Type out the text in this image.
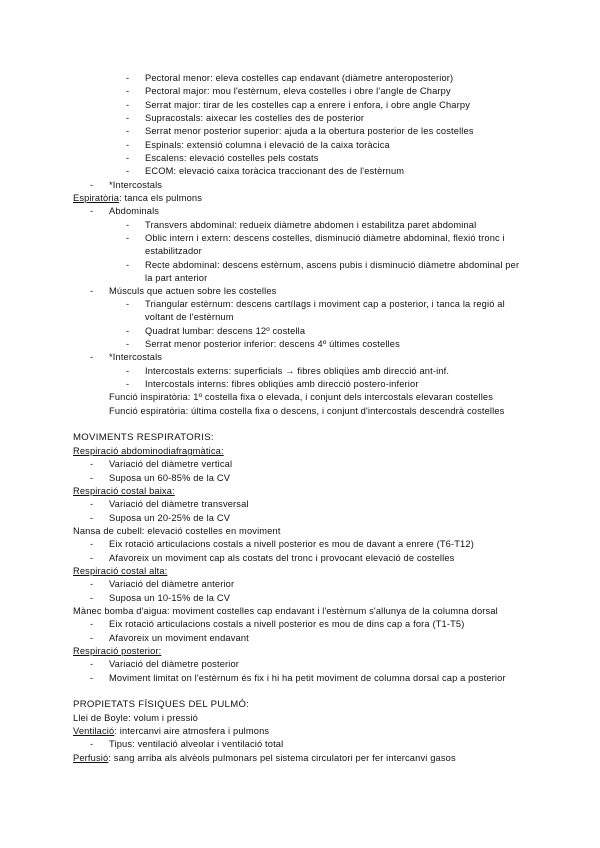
-	Pectoral menor: eleva costelles cap endavant (diàmetre anteroposterior)
-	Pectoral major: mou l'estèrnum, eleva costelles i obre l'angle de Charpy
-	Serrat major: tirar de les costelles cap a enrere i enfora, i obre angle Charpy
-	Supracostals: aixecar les costelles des de posterior
-	Serrat menor posterior superior: ajuda a la obertura posterior de les costelles
-	Espinals: extensió columna i elevació de la caixa toràcica
-	Escalens: elevació costelles pels costats
-	ECOM: elevació caixa toràcica traccionant des de l'estèrnum
-	*Intercostals
Espiratòria: tanca els pulmons
-	Abdominals
-	Transvers abdominal: redueix diàmetre abdomen i estabilitza paret abdominal
-	Oblic intern i extern: descens costelles, disminució diàmetre abdominal, flexió tronc i estabilitzador
-	Recte abdominal: descens estèrnum, ascens pubis i disminució diàmetre abdominal per la part anterior
-	Músculs que actuen sobre les costelles
-	Triangular estèrnum: descens cartílags i moviment cap a posterior, i tanca la regió al voltant de l'estèrnum
-	Quadrat lumbar: descens 12º costella
-	Serrat menor posterior inferior: descens 4º últimes costelles
-	*Intercostals
-	Intercostals externs: superficials → fibres obliqües amb direcció ant-inf.
-	Intercostals interns: fibres obliqües amb direcció postero-inferior
Funció inspiratòria: 1º costella fixa o elevada, i conjunt dels intercostals elevaran costelles
Funció espiratòria: última costella fixa o descens, i conjunt d'intercostals descendrà costelles
MOVIMENTS RESPIRATORIS:
Respiració abdominodiafragmàtica:
-	Variació del diàmetre vertical
-	Suposa un 60-85% de la CV
Respiració costal baixa:
-	Variació del diàmetre transversal
-	Suposa un 20-25% de la CV
Nansa de cubell: elevació costelles en moviment
-	Eix rotació articulacions costals a nivell posterior es mou de davant a enrere (T6-T12)
-	Afavoreix un moviment cap als costats del tronc i provocant elevació de costelles
Respiració costal alta:
-	Variació del diàmetre anterior
-	Suposa un 10-15% de la CV
Mànec bomba d'aigua: moviment costelles cap endavant i l'estèrnum s'allunya de la columna dorsal
-	Eix rotació articulacions costals a nivell posterior es mou de dins cap a fora (T1-T5)
-	Afavoreix un moviment endavant
Respiració posterior:
-	Variació del diàmetre posterior
-	Moviment limitat on l'estèrnum és fix i hi ha petit moviment de columna dorsal cap a posterior
PROPIETATS FÍSIQUES DEL PULMÓ:
Llei de Boyle: volum i pressió
Ventilació: intercanvi aire atmosfera i pulmons
-	Tipus: ventilació alveolar i ventilació total
Perfusió: sang arriba als alvèols pulmonars pel sistema circulatori per fer intercanvi gasos
